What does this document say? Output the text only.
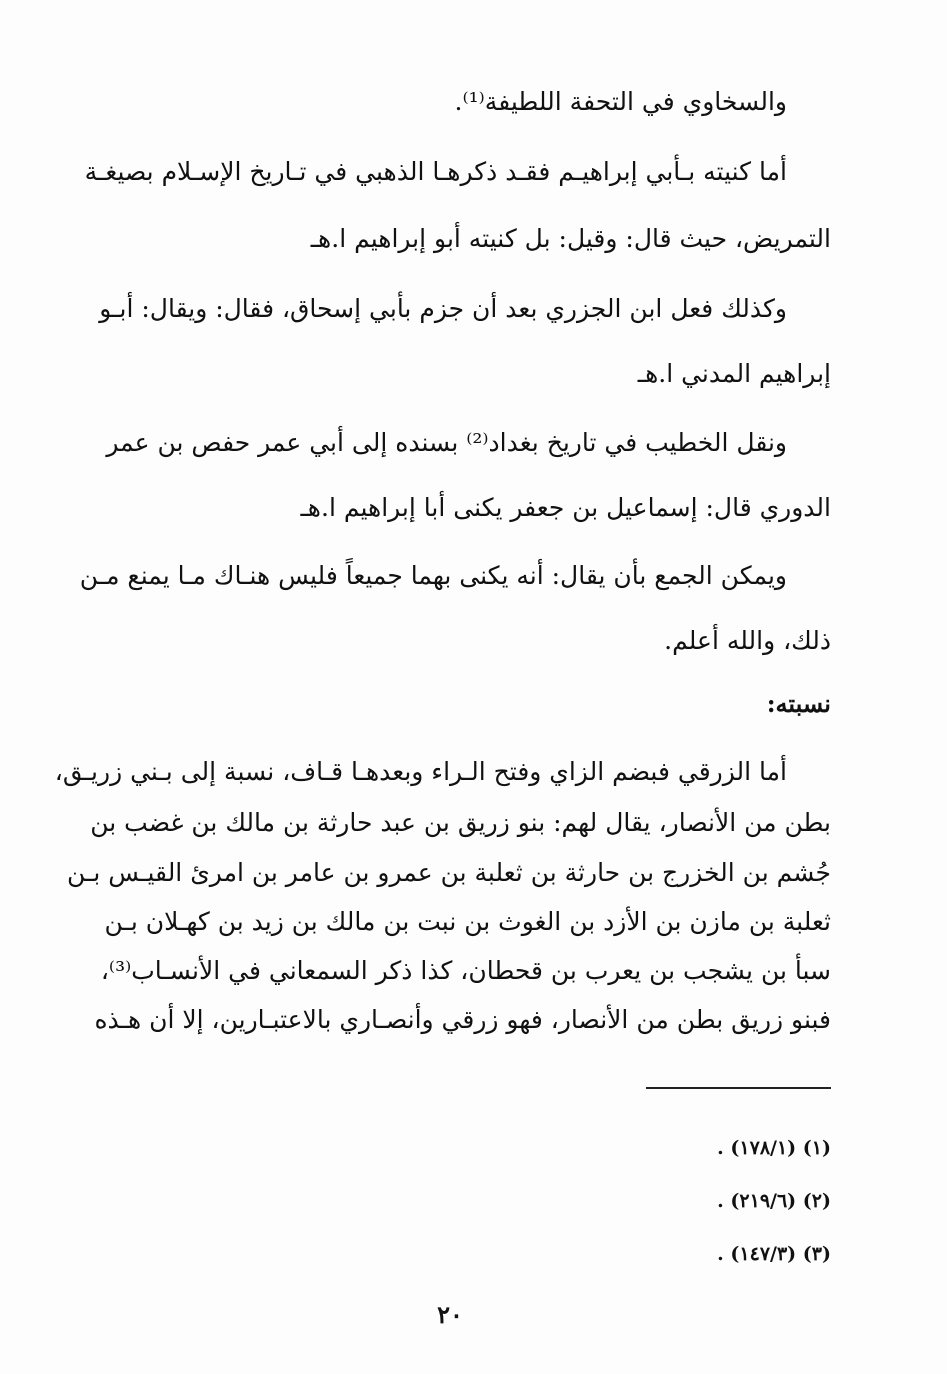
والسخاوي في التحفة اللطيفة⁽¹⁾.
أما كنيته بـأبي إبراهيـم فقـد ذكرهـا الذهبي في تـاريخ الإسـلام بصيغـة
التمريض، حيث قال: وقيل: بل كنيته أبو إبراهيم ا.هـ
وكذلك فعل ابن الجزري بعد أن جزم بأبي إسحاق، فقال: ويقال: أبـو
إبراهيم المدني ا.هـ
ونقل الخطيب في تاريخ بغداد⁽²⁾ بسنده إلى أبي عمر حفص بن عمر
الدوري قال: إسماعيل بن جعفر يكنى أبا إبراهيم ا.هـ
ويمكن الجمع بأن يقال: أنه يكنى بهما جميعاً فليس هنـاك مـا يمنع مـن
ذلك، والله أعلم.
نسبته:
أما الزرقي فبضم الزاي وفتح الـراء وبعدهـا قـاف، نسبة إلى بـني زريـق،
بطن من الأنصار، يقال لهم: بنو زريق بن عبد حارثة بن مالك بن غضب بن
جُشم بن الخزرج بن حارثة بن ثعلبة بن عمرو بن عامر بن امرئ القيـس بـن
ثعلبة بن مازن بن الأزد بن الغوث بن نبت بن مالك بن زيد بن كهـلان بـن
سبأ بن يشجب بن يعرب بن قحطان، كذا ذكر السمعاني في الأنسـاب⁽³⁾،
فبنو زريق بطن من الأنصار، فهو زرقي وأنصـاري بالاعتبـارين، إلا أن هـذه
(١) (١٧٨/١) .
(٢) (٢١٩/٦) .
(٣) (١٤٧/٣) .
٢٠
